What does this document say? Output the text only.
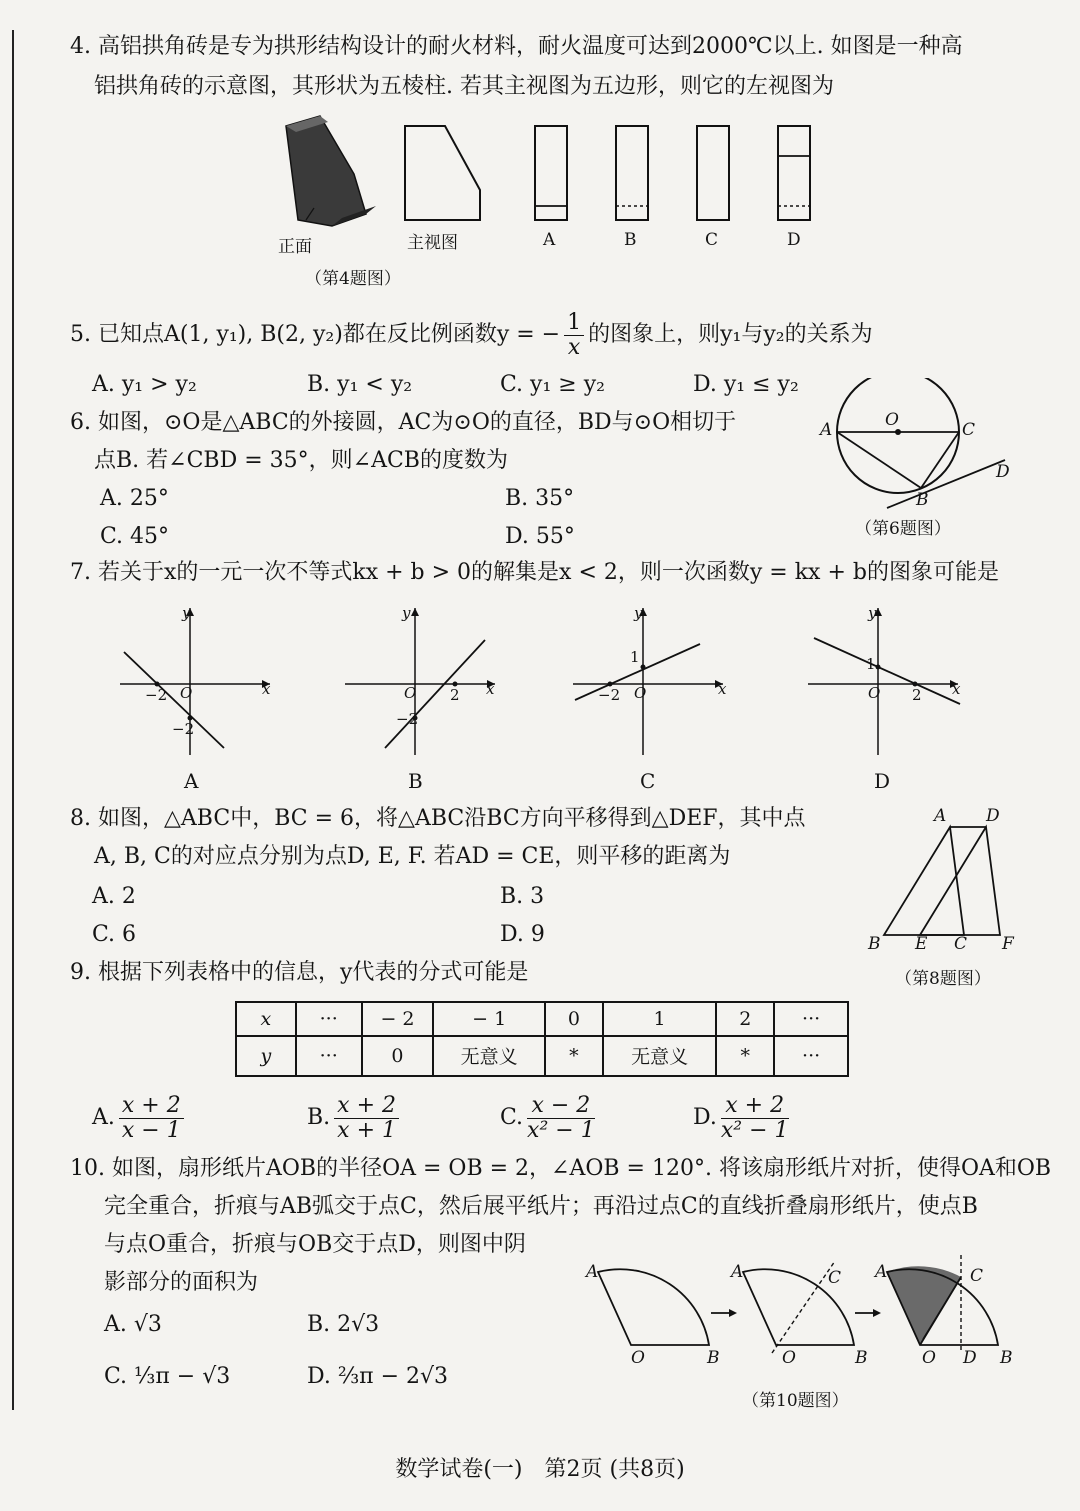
4. 高铝拱角砖是专为拱形结构设计的耐火材料，耐火温度可达到2000℃以上. 如图是一种高
铝拱角砖的示意图，其形状为五棱柱. 若其主视图为五边形，则它的左视图为
正面	主视图	A	B	C	D
（第4题图）
5. 已知点A(1, y₁), B(2, y₂)都在反比例函数y = − $\frac{1}{x}$ 的图象上，则y₁与y₂的关系为
A. y₁ > y₂	B. y₁ < y₂	C. y₁ ≥ y₂	D. y₁ ≤ y₂
6. 如图，⊙O是△ABC的外接圆，AC为⊙O的直径，BD与⊙O相切于
点B. 若∠CBD = 35°，则∠ACB的度数为
A. 25°	B. 35°
C. 45°	D. 55°
A	O	C
B
D
（第6题图）
7. 若关于x的一元一次不等式kx + b > 0的解集是x < 2，则一次函数y = kx + b的图象可能是
y
x
O
−2
−2
y
x
O 2
−2
y
x
O
1
−2
y
x
O
1
2
A	B	C	D
8. 如图，△ABC中，BC = 6，将△ABC沿BC方向平移得到△DEF，其中点
A, B, C的对应点分别为点D, E, F. 若AD = CE，则平移的距离为
A. 2	B. 3
C. 6	D. 9
A D
B E C F
（第8题图）
9. 根据下列表格中的信息，y代表的分式可能是
x	···	− 2	− 1	0	1	2	···
y	···	0	无意义	*	无意义	*	···
A. $\frac{x + 2}{x - 1}$	B. $\frac{x + 2}{x + 1}$	C. $\frac{x - 2}{\text{x² − 1}}$	D. $\frac{x + 2}{\text{x² − 1}}$
10. 如图，扇形纸片AOB的半径OA = OB = 2，∠AOB = 120°. 将该扇形纸片对折，使得OA和OB
完全重合，折痕与AB弧交于点C，然后展平纸片；再沿过点C的直线折叠扇形纸片，使点B
与点O重合，折痕与OB交于点D，则图中阴
影部分的面积为
A. √3	B. 2√3
C. ⅓π − √3	D. ⅔π − 2√3
A
O	B
A
O	B
C A
O D B
C
（第10题图）
数学试卷(一)　第2页 (共8页)
